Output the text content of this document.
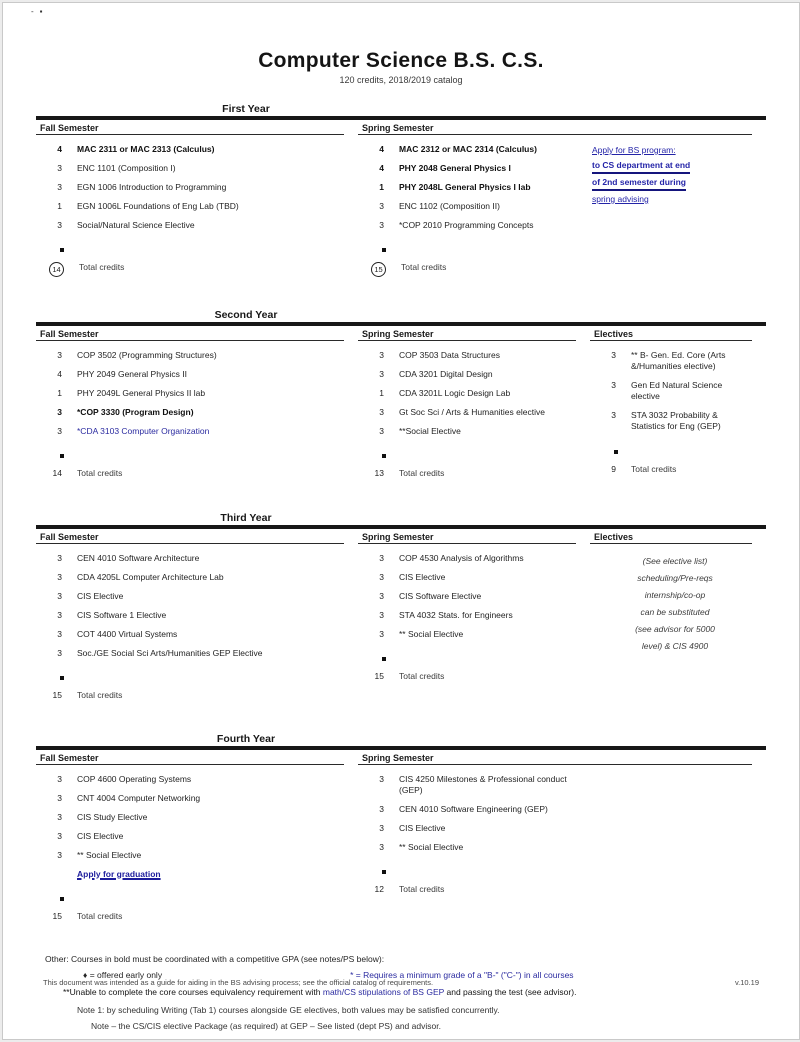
-▪
Computer Science B.S. C.S.
120 credits, 2018/2019 catalog
First Year
Fall Semester
4 MAC 2311 or MAC 2313 (Calculus)
3 ENC 1101 (Composition I)
3 EGN 1006 Introduction to Programming
1 EGN 1006L Foundations of Eng Lab (TBD)
3 Social/Natural Science Elective
14	Total credits
Spring Semester
4 MAC 2312 or MAC 2314 (Calculus)
4 PHY 2048 General Physics I
1 PHY 2048L General Physics I lab
3 ENC 1102 (Composition II)
3 *COP 2010 Programming Concepts
15	Total credits
Apply for BS program:
to CS department at end
of 2nd semester during
spring advising

Second Year
Fall Semester
3 COP 3502 (Programming Structures)
4 PHY 2049 General Physics II
1 PHY 2049L General Physics II lab
3 *COP 3330 (Program Design)
3 *CDA 3103 Computer Organization
14 Total credits
Spring Semester
3 COP 3503 Data Structures
3 CDA 3201 Digital Design
1 CDA 3201L Logic Design Lab
3 Gt Soc Sci / Arts & Humanities elective
3 **Social Elective
13 Total credits
Electives
3 ** B- Gen. Ed. Core (Arts &/Humanities elective)
3 Gen Ed Natural Science elective
3 STA 3032 Probability & Statistics for Eng (GEP)
9 Total credits
Third Year
Fall Semester
3 CEN 4010 Software Architecture
3 CDA 4205L Computer Architecture Lab
3 CIS Elective
3 CIS Software 1 Elective
3 COT 4400 Virtual Systems
3 Soc./GE Social Sci Arts/Humanities GEP Elective
15 Total credits
Spring Semester
3 COP 4530 Analysis of Algorithms
3 CIS Elective
3 CIS Software Elective
3 STA 4032 Stats. for Engineers
3 ** Social Elective
15 Total credits
Electives
(See elective list)
scheduling/Pre-reqs
internship/co-op
can be substituted
(see advisor for 5000
level) & CIS 4900
Fourth Year
Fall Semester
3 COP 4600 Operating Systems
3 CNT 4004 Computer Networking
3 CIS Study Elective
3 CIS Elective
3 ** Social Elective
Apply for graduation
15 Total credits
Spring Semester
3 CIS 4250 Milestones & Professional conduct
(GEP)
3 CEN 4010 Software Engineering (GEP)
3 CIS Elective
3 ** Social Elective
12 Total credits
Other: Courses in bold must be coordinated with a competitive GPA (see notes/PS below):
♦ = offered early only	* = Requires a minimum grade of a "B-" ("C-") in all courses
**Unable to complete the core courses equivalency requirement with math/CS stipulations of BS GEP and passing the test (see advisor).
Note 1: by scheduling Writing (Tab 1) courses alongside GE electives, both values may be satisfied concurrently.
Note – the CS/CIS elective Package (as required) at GEP – See listed (dept PS) and advisor.
This document was intended as a guide for aiding in the BS advising process; see the official catalog of requirements.	v.10.19
